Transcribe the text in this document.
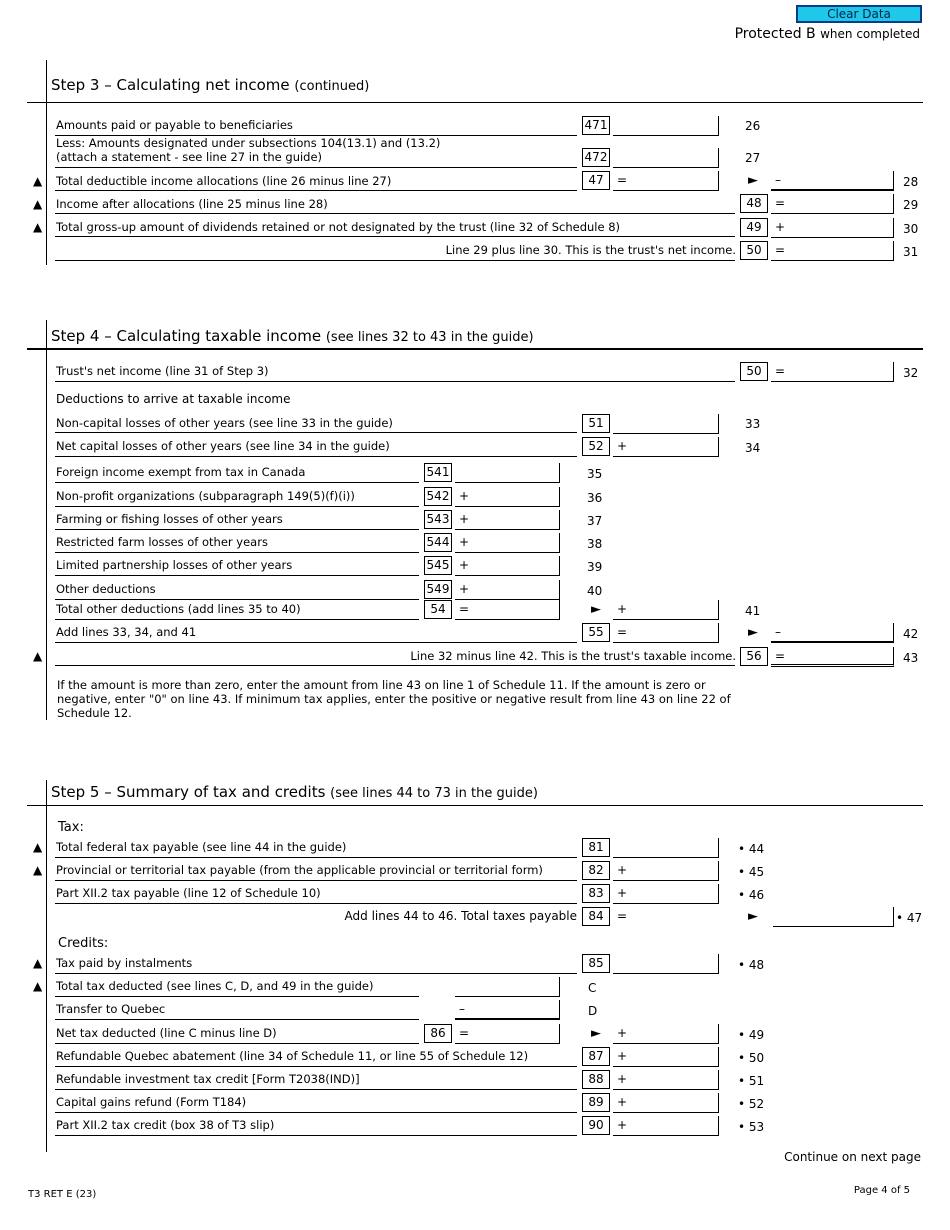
Clear Data
Protected B when completed
Step 3 – Calculating net income (continued)
Amounts paid or payable to beneficiaries	471	26
Less: Amounts designated under subsections 104(13.1) and (13.2)
(attach a statement - see line 27 in the guide)	472	27
▲ Total deductible income allocations (line 26 minus line 27)	47	=	► –	28
▲ Income after allocations (line 25 minus line 28)	48	=	29
▲ Total gross-up amount of dividends retained or not designated by the trust (line 32 of Schedule 8)	49	+	30
Line 29 plus line 30. This is the trust's net income. 50	=	31
Step 4 – Calculating taxable income (see lines 32 to 43 in the guide)
Trust's net income (line 31 of Step 3)	50	=	32
Deductions to arrive at taxable income
Non-capital losses of other years (see line 33 in the guide)	51	33
Net capital losses of other years (see line 34 in the guide)	52	+	34
Foreign income exempt from tax in Canada	541	35
Non-profit organizations (subparagraph 149(5)(f)(i))	542 +	36
Farming or fishing losses of other years	543 +	37
Restricted farm losses of other years	544 +	38
Limited partnership losses of other years	545 +	39
Other deductions	549 +	40
Total other deductions (add lines 35 to 40)	54	=	► +	41
Add lines 33, 34, and 41	55	=	► –	42
▲	Line 32 minus line 42. This is the trust's taxable income. 56	=	43
If the amount is more than zero, enter the amount from line 43 on line 1 of Schedule 11. If the amount is zero or negative, enter "0" on line 43. If minimum tax applies, enter the positive or negative result from line 43 on line 22 of Schedule 12.
Step 5 – Summary of tax and credits (see lines 44 to 73 in the guide)
Tax:
▲ Total federal tax payable (see line 44 in the guide)	81	• 44
▲ Provincial or territorial tax payable (from the applicable provincial or territorial form)	82	+	• 45
Part XII.2 tax payable (line 12 of Schedule 10)	83	+	• 46
Add lines 44 to 46. Total taxes payable 84	=	►	• 47
Credits:
▲ Tax paid by instalments	85	• 48
▲ Total tax deducted (see lines C, D, and 49 in the guide)	C
Transfer to Quebec	–	D
Net tax deducted (line C minus line D)	86	=	► +	• 49
Refundable Quebec abatement (line 34 of Schedule 11, or line 55 of Schedule 12)	87	+	• 50
Refundable investment tax credit [Form T2038(IND)]	88	+	• 51
Capital gains refund (Form T184)	89	+	• 52
Part XII.2 tax credit (box 38 of T3 slip)	90	+	• 53
Continue on next page
T3 RET E (23)	Page 4 of 5
